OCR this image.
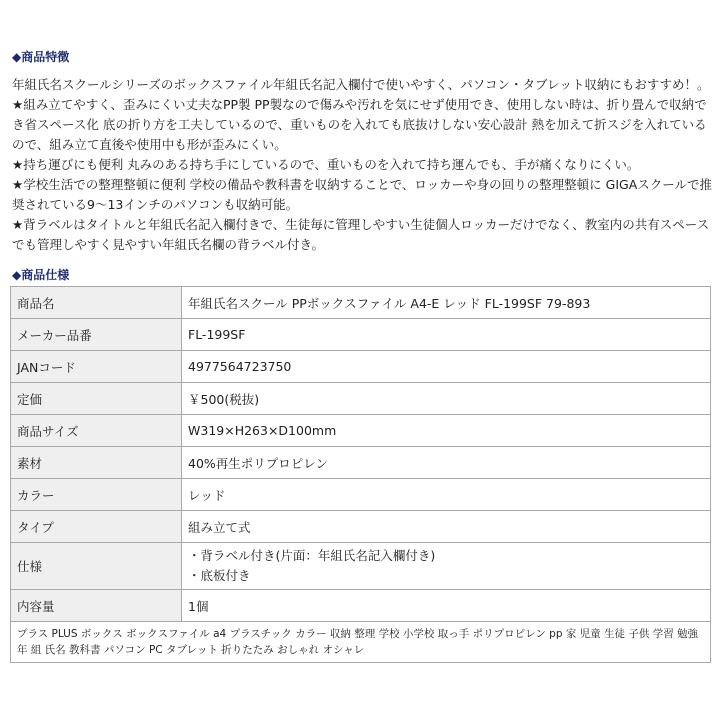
◆商品特徴

年組氏名スクールシリーズのボックスファイル年組氏名記入欄付で使いやすく、パソコン・タブレット収納にもおすすめ！。

★組み立てやすく、歪みにくい丈夫なPP製 PP製なので傷みや汚れを気にせず使用でき、使用しない時は、折り畳んで収納でき省スペース化 底の折り方を工夫しているので、重いものを入れても底抜けしない安心設計 熱を加えて折スジを入れているので、組み立て直後や使用中も形が歪みにくい。

★持ち運びにも便利 丸みのある持ち手にしているので、重いものを入れて持ち運んでも、手が痛くなりにくい。

★学校生活での整理整頓に便利 学校の備品や教科書を収納することで、ロッカーや身の回りの整理整頓に GIGAスクールで推奨されている9～13インチのパソコンも収納可能。

★背ラベルはタイトルと年組氏名記入欄付きで、生徒毎に管理しやすい生徒個人ロッカーだけでなく、教室内の共有スペースでも管理しやすく見やすい年組氏名欄の背ラベル付き。

◆商品仕様
商品名	年組氏名スクール PPボックスファイル A4-E レッド FL-199SF 79-893
メーカー品番	FL-199SF
JANコード	4977564723750
定価	￥500(税抜)
商品サイズ	W319×H263×D100mm
素材	40%再生ポリプロピレン
カラー	レッド
タイプ	組み立て式
仕様	・背ラベル付き(片面：年組氏名記入欄付き)
・底板付き

内容量	1個
プラス PLUS ボックス ボックスファイル a4 プラスチック カラー 収納 整理 学校 小学校 取っ手 ポリプロピレン pp 家 児童 生徒 子供 学習 勉強 年 組 氏名 教科書 パソコン PC タブレット 折りたたみ おしゃれ オシャレ	
